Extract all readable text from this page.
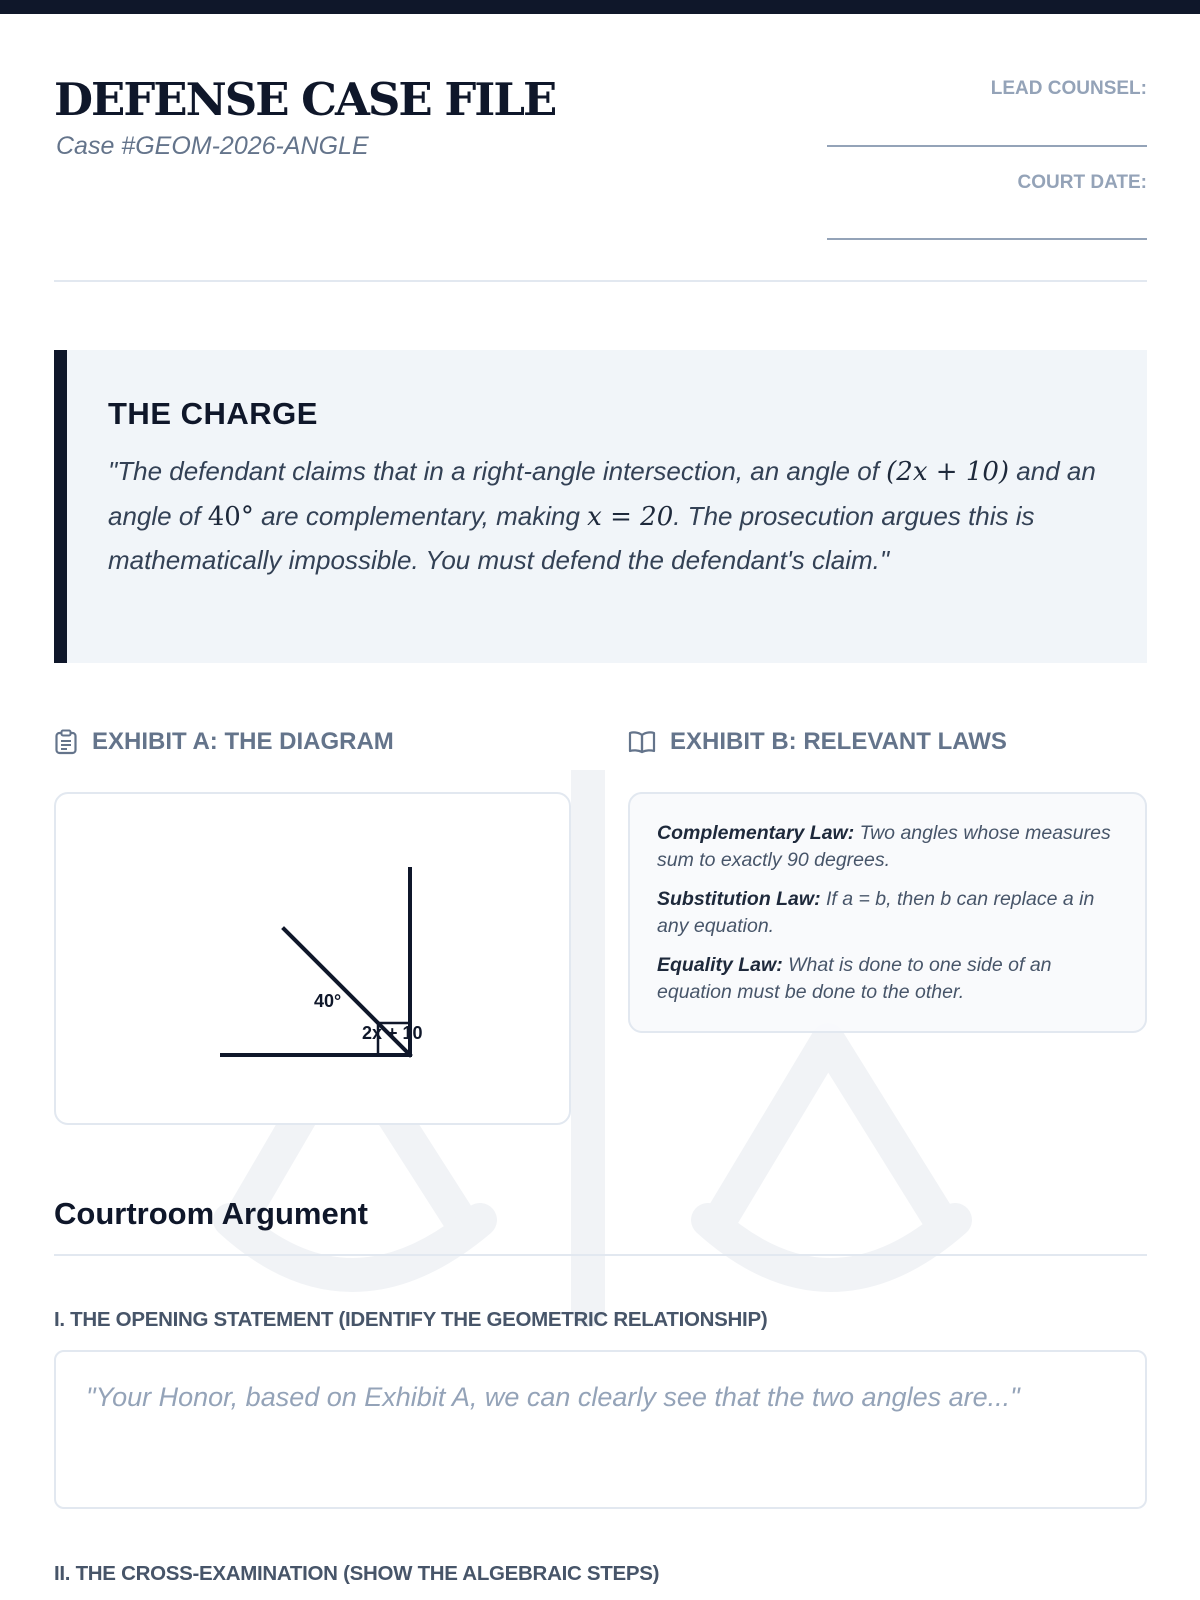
DEFENSE CASE FILE
Case #GEOM-2026-ANGLE
LEAD COUNSEL:
COURT DATE:
THE CHARGE
"The defendant claims that in a right-angle intersection, an angle of (2x + 10) and an angle of 40° are complementary, making x = 20. The prosecution argues this is mathematically impossible. You must defend the defendant's claim."
EXHIBIT A: THE DIAGRAM	EXHIBIT B: RELEVANT LAWS
40°
2x + 10
Complementary Law: Two angles whose measures sum to exactly 90 degrees.
Substitution Law: If a = b, then b can replace a in any equation.
Equality Law: What is done to one side of an equation must be done to the other.
Courtroom Argument
I. THE OPENING STATEMENT (IDENTIFY THE GEOMETRIC RELATIONSHIP)
"Your Honor, based on Exhibit A, we can clearly see that the two angles are..."
II. THE CROSS-EXAMINATION (SHOW THE ALGEBRAIC STEPS)
